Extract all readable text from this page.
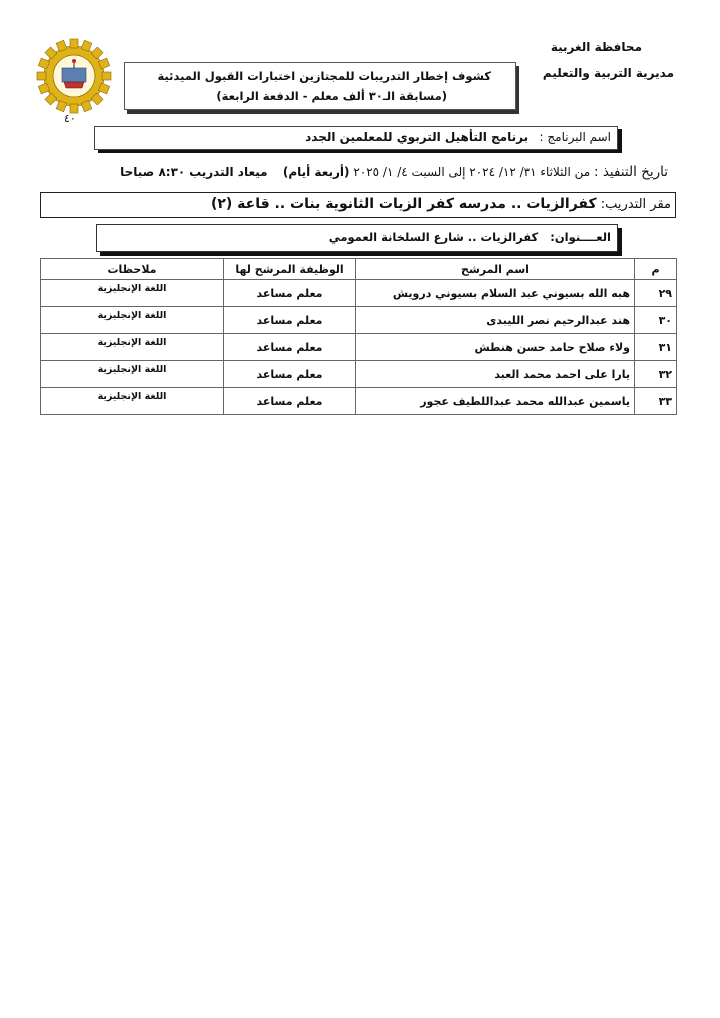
محافظة الغربية
مديرية التربية والتعليم
كشوف إخطار التدريبات للمجتازين اختبارات القبول الميدئية
(مسابقة الـ٣٠ ألف معلم - الدفعة الرابعة)
٤٠
اسم البرنامج :   برنامج التأهيل التربوي للمعلمين الجدد
تاريخ التنفيذ : من الثلاثاء ٣١/ ١٢/ ٢٠٢٤ إلى السبت ٤/ ١/ ٢٠٢٥ (أربعة أيام)    ميعاد التدريب ٨:٣٠ صباحا
مقر التدريب: كفرالزيات .. مدرسه كفر الزيات الثانوية بنات .. قاعة (٢)
العــــنوان:   كفرالزيات .. شارع السلخانة العمومي
م	اسم المرشح	الوظيفة المرشح لها	ملاحظات
٢٩	هبه الله بسيوني عبد السلام بسيوني درويش	معلم مساعد	اللغة الإنجليزية
٣٠	هند عبدالرحيم نصر الليبدى	معلم مساعد	اللغة الإنجليزية
٣١	ولاء صلاح حامد حسن هنطش	معلم مساعد	اللغة الإنجليزية
٣٢	يارا على احمد محمد العبد	معلم مساعد	اللغة الإنجليزية
٣٣	ياسمين عبدالله محمد عبداللطيف عجور	معلم مساعد	اللغة الإنجليزية
